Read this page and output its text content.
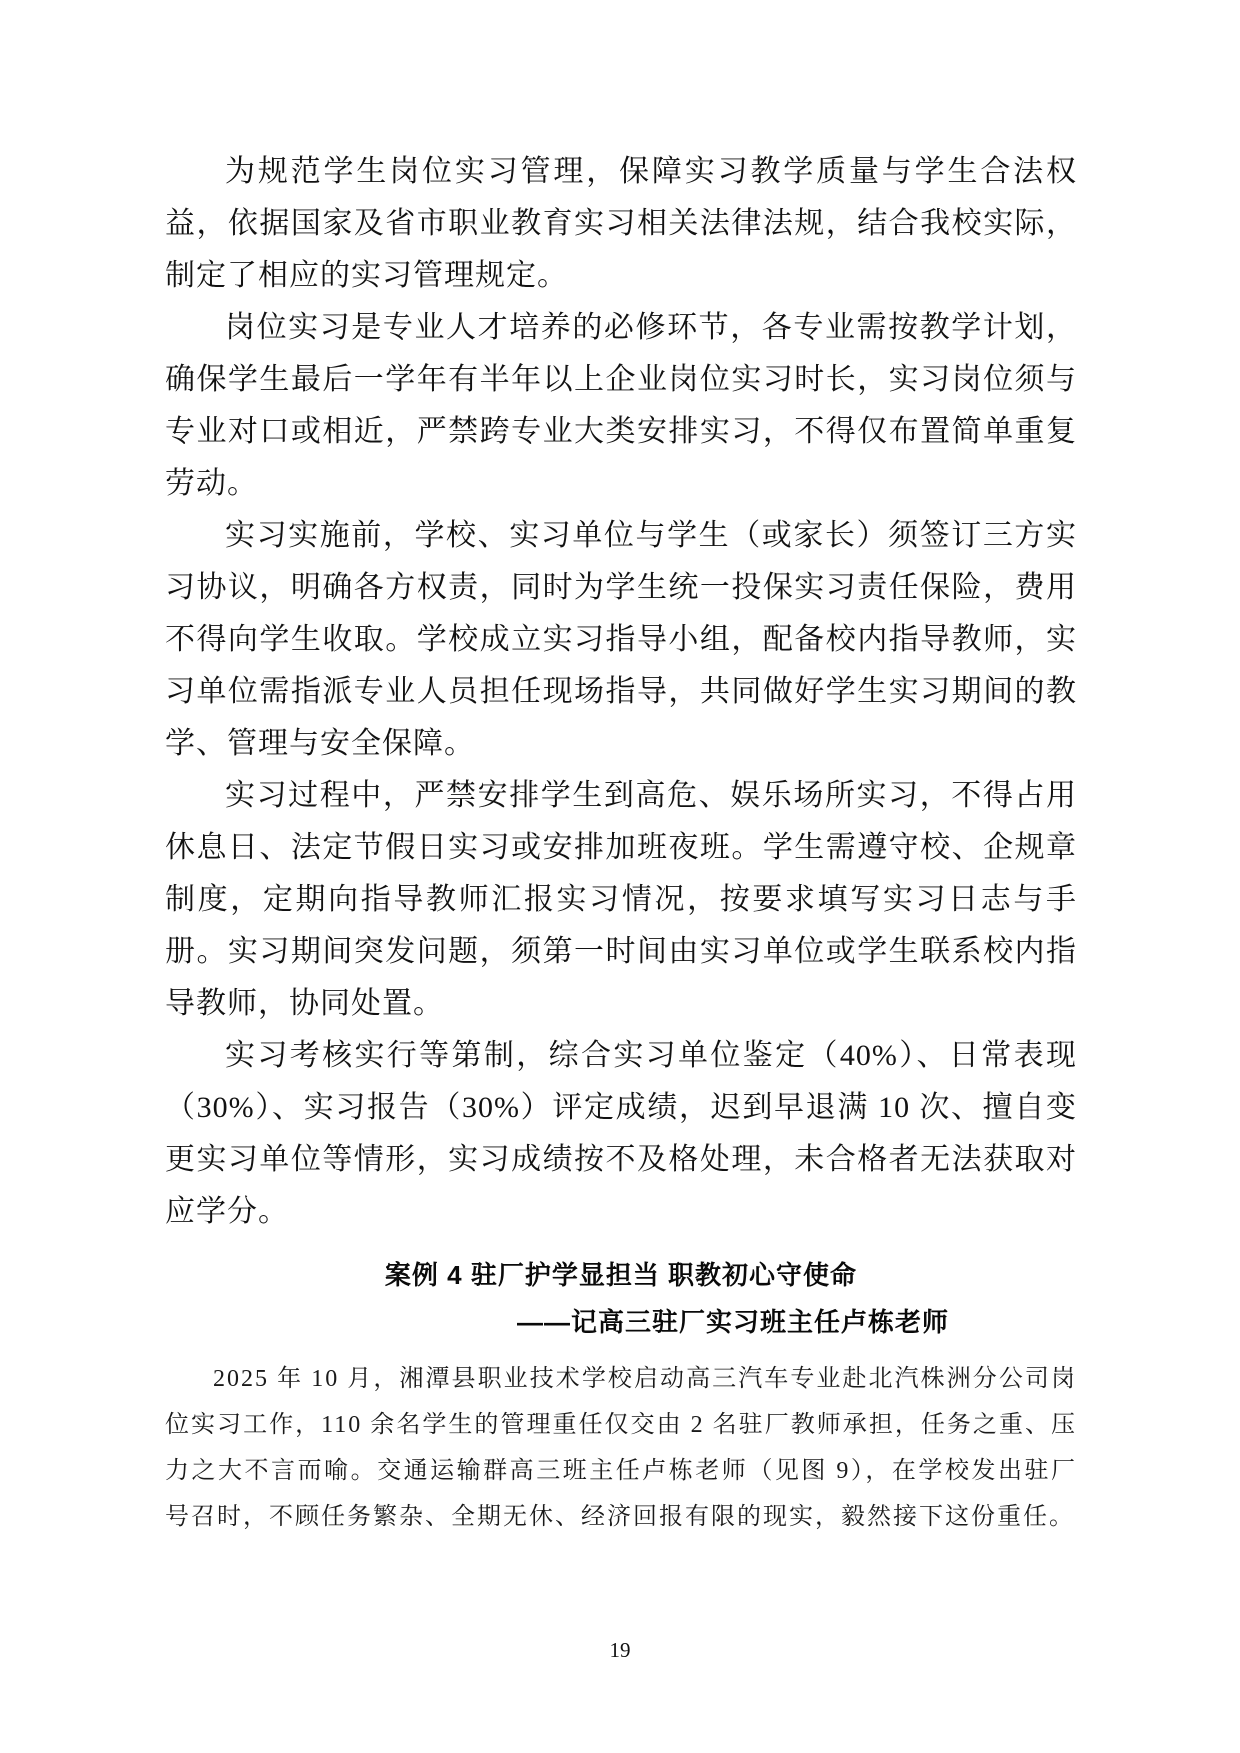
为规范学生岗位实习管理，保障实习教学质量与学生合法权益，依据国家及省市职业教育实习相关法律法规，结合我校实际，制定了相应的实习管理规定。

岗位实习是专业人才培养的必修环节，各专业需按教学计划，确保学生最后一学年有半年以上企业岗位实习时长，实习岗位须与专业对口或相近，严禁跨专业大类安排实习，不得仅布置简单重复劳动。

实习实施前，学校、实习单位与学生（或家长）须签订三方实习协议，明确各方权责，同时为学生统一投保实习责任保险，费用不得向学生收取。学校成立实习指导小组，配备校内指导教师，实习单位需指派专业人员担任现场指导，共同做好学生实习期间的教学、管理与安全保障。

实习过程中，严禁安排学生到高危、娱乐场所实习，不得占用休息日、法定节假日实习或安排加班夜班。学生需遵守校、企规章制度，定期向指导教师汇报实习情况，按要求填写实习日志与手册。实习期间突发问题，须第一时间由实习单位或学生联系校内指导教师，协同处置。

实习考核实行等第制，综合实习单位鉴定（40%）、日常表现（30%）、实习报告（30%）评定成绩，迟到早退满 10 次、擅自变更实习单位等情形，实习成绩按不及格处理，未合格者无法获取对应学分。

案例 4 驻厂护学显担当 职教初心守使命
——记高三驻厂实习班主任卢栋老师

2025 年 10 月，湘潭县职业技术学校启动高三汽车专业赴北汽株洲分公司岗位实习工作，110 余名学生的管理重任仅交由 2 名驻厂教师承担，任务之重、压力之大不言而喻。交通运输群高三班主任卢栋老师（见图 9），在学校发出驻厂号召时，不顾任务繁杂、全期无休、经济回报有限的现实，毅然接下这份重任。

19
